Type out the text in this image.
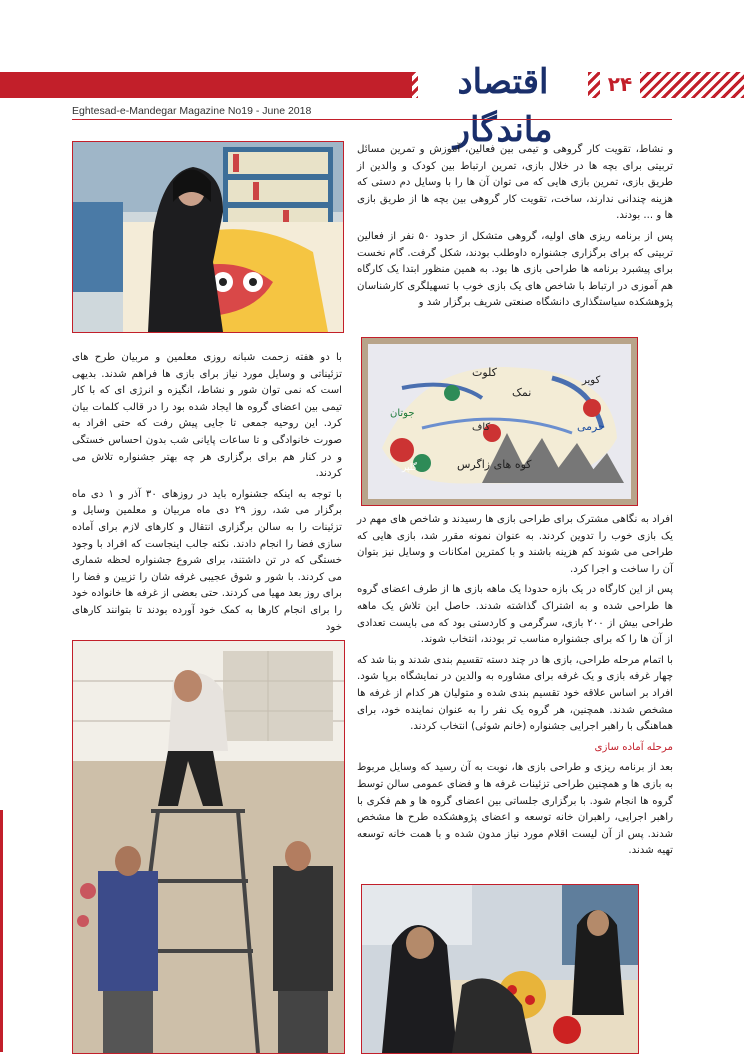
اقتصاد ماندگار
۲۴
Eghtesad-e-Mandegar Magazine No19 - June 2018

و نشاط، تقویت کار گروهی و تیمی بین فعالین، آموزش و تمرین مسائل تربیتی برای بچه ها در خلال بازی، تمرین ارتباط بین کودک و والدین از طریق بازی، تمرین بازی هایی که می توان آن ها را با وسایل دم دستی که هزینه چندانی ندارند، ساخت، تقویت کار گروهی بین بچه ها از طریق بازی ها و ... بودند.

پس از برنامه ریزی های اولیه، گروهی متشکل از حدود ۵۰ نفر از فعالین تربیتی که برای برگزاری جشنواره داوطلب بودند، شکل گرفت. گام نخست برای پیشبرد برنامه ها طراحی بازی ها بود. به همین منظور ابتدا یک کارگاه هم آموزی در ارتباط با شاخص های یک بازی خوب با تسهیلگری کارشناسان پژوهشکده سیاستگذاری دانشگاه صنعتی شریف برگزار شد و

کلوت
نمک
کویر
حرمی
جوتان
کاف
گلپر	کوه های زاگرس

با دو هفته زحمت شبانه روزی معلمین و مربیان طرح های تزئیناتی و وسایل مورد نیاز برای بازی ها فراهم شدند. بدیهی است که نمی توان شور و نشاط، انگیزه و انرژی ای که با کار تیمی بین اعضای گروه ها ایجاد شده بود را در قالب کلمات بیان کرد. این روحیه جمعی تا جایی پیش رفت که حتی افراد به صورت خانوادگی و تا ساعات پایانی شب بدون احساس خستگی و در کنار هم برای برگزاری هر چه بهتر جشنواره تلاش می کردند.

با توجه به اینکه جشنواره باید در روزهای ۳۰ آذر و ۱ دی ماه برگزار می شد، روز ۲۹ دی ماه مربیان و معلمین وسایل و تزئینات را به سالن برگزاری انتقال و کارهای لازم برای آماده سازی فضا را انجام دادند. نکته جالب اینجاست که افراد با وجود خستگی که در تن داشتند، برای شروع جشنواره لحظه شماری می کردند. با شور و شوق عجیبی غرفه شان را تزیین و فضا را برای روز بعد مهیا می کردند. حتی بعضی از غرفه ها خانواده خود را برای انجام کارها به کمک خود آورده بودند تا بتوانند کارهای خود

افراد به نگاهی مشترک برای طراحی بازی ها رسیدند و شاخص های مهم در یک بازی خوب را تدوین کردند. به عنوان نمونه مقرر شد، بازی هایی که طراحی می شوند کم هزینه باشند و با کمترین امکانات و وسایل نیز بتوان آن را ساخت و اجرا کرد.

پس از این کارگاه در یک بازه حدودا یک ماهه بازی ها از طرف اعضای گروه ها طراحی شده و به اشتراک گذاشته شدند. حاصل این تلاش یک ماهه طراحی بیش از ۲۰۰ بازی، سرگرمی و کاردستی بود که می بایست تعدادی از آن ها را که برای جشنواره مناسب تر بودند، انتخاب شوند.

با اتمام مرحله طراحی، بازی ها در چند دسته تقسیم بندی شدند و بنا شد که چهار غرفه بازی و یک غرفه برای مشاوره به والدین در نمایشگاه برپا شود. افراد بر اساس علاقه خود تقسیم بندی شده و متولیان هر کدام از غرفه ها مشخص شدند. همچنین، هر گروه یک نفر را به عنوان نماینده خود، برای هماهنگی با راهبر اجرایی جشنواره (خانم شوئی) انتخاب کردند.

مرحله آماده سازی

بعد از برنامه ریزی و طراحی بازی ها، نوبت به آن رسید که وسایل مربوط به بازی ها و همچنین طراحی تزئینات غرفه ها و فضای عمومی سالن توسط گروه ها انجام شود. با برگزاری جلساتی بین اعضای گروه ها و هم فکری با راهبر اجرایی، راهبران خانه توسعه و اعضای پژوهشکده طرح ها مشخص شدند. پس از آن لیست اقلام مورد نیاز مدون شده و با همت خانه توسعه تهیه شدند.
